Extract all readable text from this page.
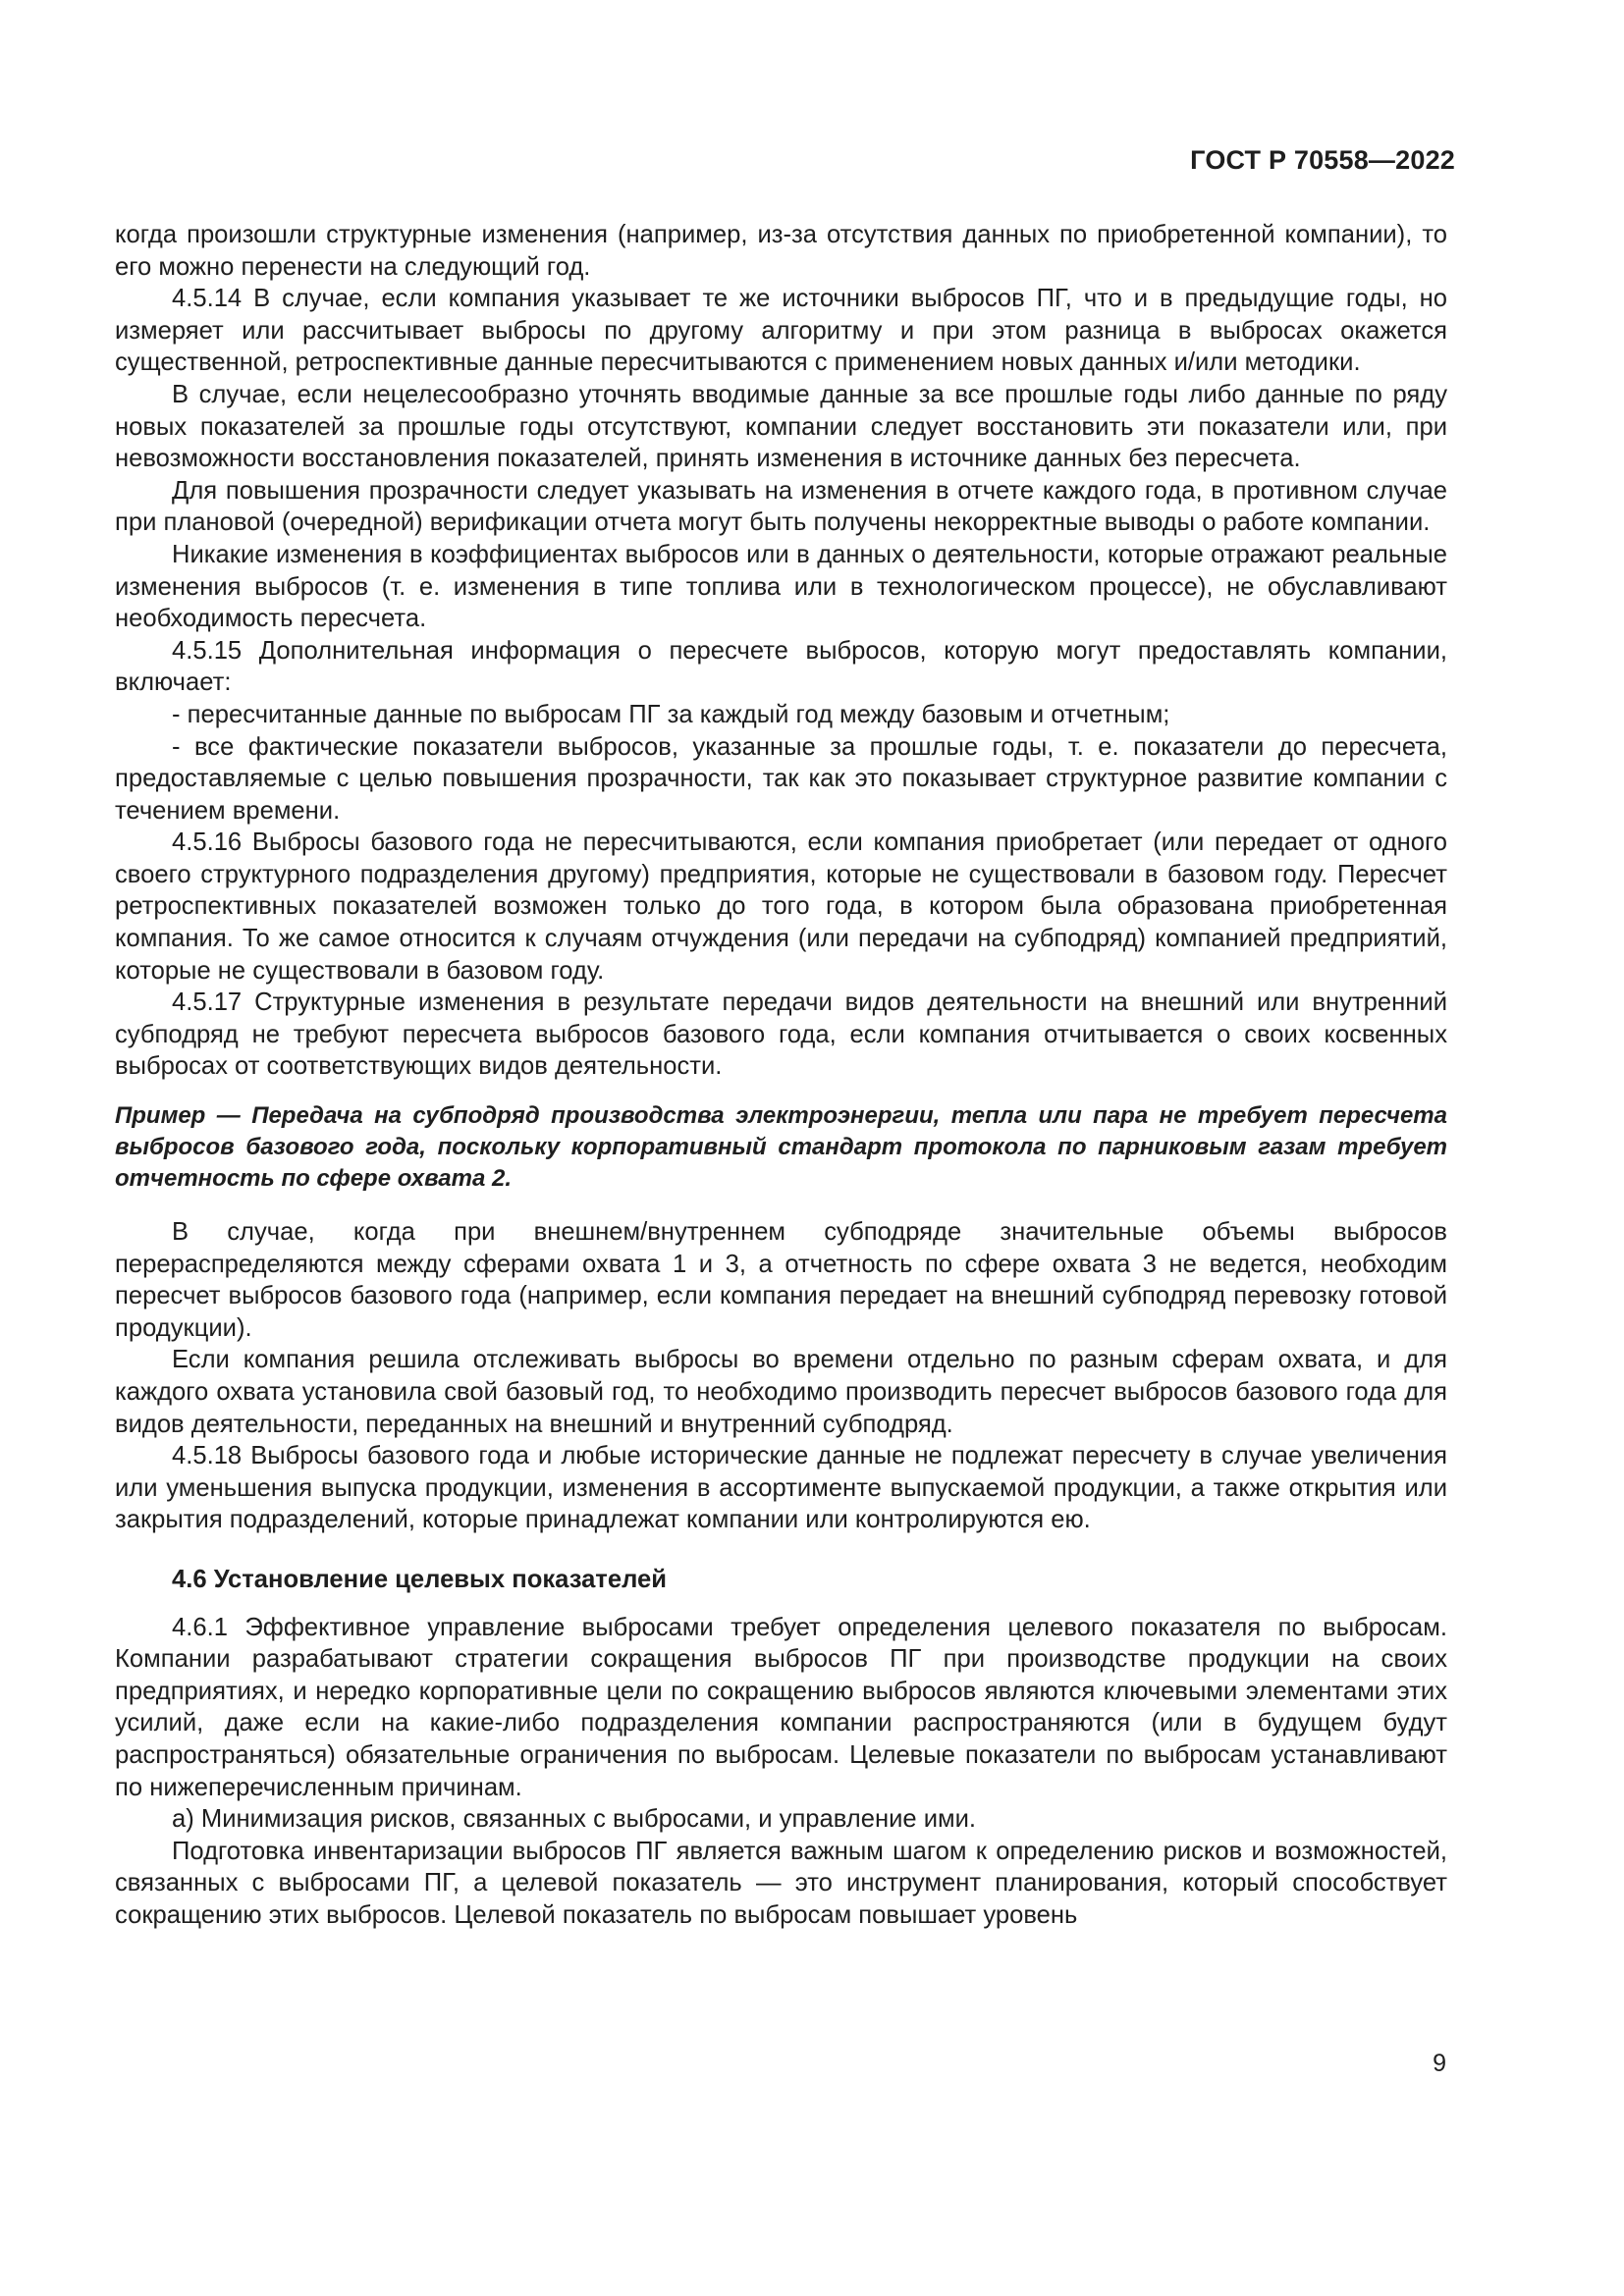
ГОСТ Р 70558—2022

когда произошли структурные изменения (например, из-за отсутствия данных по приобретенной компании), то его можно перенести на следующий год.

4.5.14 В случае, если компания указывает те же источники выбросов ПГ, что и в предыдущие годы, но измеряет или рассчитывает выбросы по другому алгоритму и при этом разница в выбросах окажется существенной, ретроспективные данные пересчитываются с применением новых данных и/или методики.

В случае, если нецелесообразно уточнять вводимые данные за все прошлые годы либо данные по ряду новых показателей за прошлые годы отсутствуют, компании следует восстановить эти показатели или, при невозможности восстановления показателей, принять изменения в источнике данных без пересчета.

Для повышения прозрачности следует указывать на изменения в отчете каждого года, в противном случае при плановой (очередной) верификации отчета могут быть получены некорректные выводы о работе компании.

Никакие изменения в коэффициентах выбросов или в данных о деятельности, которые отражают реальные изменения выбросов (т. е. изменения в типе топлива или в технологическом процессе), не обуславливают необходимость пересчета.

4.5.15 Дополнительная информация о пересчете выбросов, которую могут предоставлять компании, включает:

- пересчитанные данные по выбросам ПГ за каждый год между базовым и отчетным;

- все фактические показатели выбросов, указанные за прошлые годы, т. е. показатели до пересчета, предоставляемые с целью повышения прозрачности, так как это показывает структурное развитие компании с течением времени.

4.5.16 Выбросы базового года не пересчитываются, если компания приобретает (или передает от одного своего структурного подразделения другому) предприятия, которые не существовали в базовом году. Пересчет ретроспективных показателей возможен только до того года, в котором была образована приобретенная компания. То же самое относится к случаям отчуждения (или передачи на субподряд) компанией предприятий, которые не существовали в базовом году.

4.5.17 Структурные изменения в результате передачи видов деятельности на внешний или внутренний субподряд не требуют пересчета выбросов базового года, если компания отчитывается о своих косвенных выбросах от соответствующих видов деятельности.

Пример — Передача на субподряд производства электроэнергии, тепла или пара не требует пересчета выбросов базового года, поскольку корпоративный стандарт протокола по парниковым газам требует отчетность по сфере охвата 2.

В случае, когда при внешнем/внутреннем субподряде значительные объемы выбросов перераспределяются между сферами охвата 1 и 3, а отчетность по сфере охвата 3 не ведется, необходим пересчет выбросов базового года (например, если компания передает на внешний субподряд перевозку готовой продукции).

Если компания решила отслеживать выбросы во времени отдельно по разным сферам охвата, и для каждого охвата установила свой базовый год, то необходимо производить пересчет выбросов базового года для видов деятельности, переданных на внешний и внутренний субподряд.

4.5.18 Выбросы базового года и любые исторические данные не подлежат пересчету в случае увеличения или уменьшения выпуска продукции, изменения в ассортименте выпускаемой продукции, а также открытия или закрытия подразделений, которые принадлежат компании или контролируются ею.

4.6 Установление целевых показателей

4.6.1 Эффективное управление выбросами требует определения целевого показателя по выбросам. Компании разрабатывают стратегии сокращения выбросов ПГ при производстве продукции на своих предприятиях, и нередко корпоративные цели по сокращению выбросов являются ключевыми элементами этих усилий, даже если на какие-либо подразделения компании распространяются (или в будущем будут распространяться) обязательные ограничения по выбросам. Целевые показатели по выбросам устанавливают по нижеперечисленным причинам.

а) Минимизация рисков, связанных с выбросами, и управление ими.

Подготовка инвентаризации выбросов ПГ является важным шагом к определению рисков и возможностей, связанных с выбросами ПГ, а целевой показатель — это инструмент планирования, который способствует сокращению этих выбросов. Целевой показатель по выбросам повышает уровень

9
